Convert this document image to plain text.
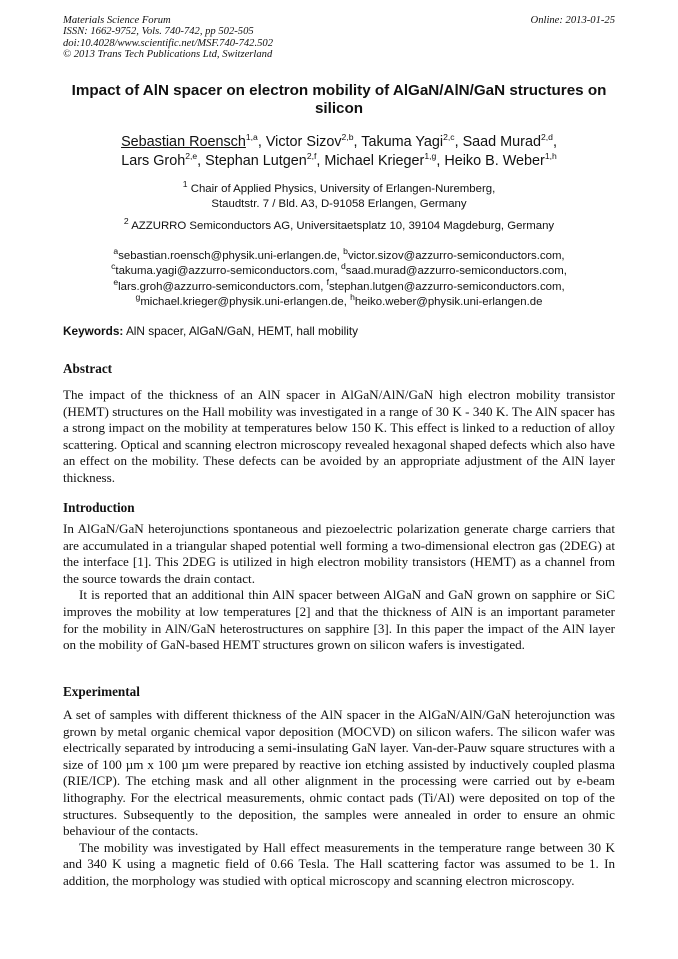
Materials Science Forum
ISSN: 1662-9752, Vols. 740-742, pp 502-505
doi:10.4028/www.scientific.net/MSF.740-742.502
© 2013 Trans Tech Publications Ltd, Switzerland
Online: 2013-01-25
Impact of AlN spacer on electron mobility of AlGaN/AlN/GaN structures on silicon
Sebastian Roensch$^{1,a}$, Victor Sizov$^{2,b}$, Takuma Yagi$^{2,c}$, Saad Murad$^{2,d}$,
Lars Groh$^{2,e}$, Stephan Lutgen$^{2,f}$, Michael Krieger$^{1,g}$, Heiko B. Weber$^{1,h}$
$^1$ Chair of Applied Physics, University of Erlangen-Nuremberg,
Staudtstr. 7 / Bld. A3, D-91058 Erlangen, Germany
$^2$ AZZURRO Semiconductors AG, Universitaetsplatz 10, 39104 Magdeburg, Germany
$^a$sebastian.roensch@physik.uni-erlangen.de, $^b$victor.sizov@azzurro-semiconductors.com,
$^c$takuma.yagi@azzurro-semiconductors.com, $^d$saad.murad@azzurro-semiconductors.com,
$^e$lars.groh@azzurro-semiconductors.com, $^f$stephan.lutgen@azzurro-semiconductors.com,
$^g$michael.krieger@physik.uni-erlangen.de, $^h$heiko.weber@physik.uni-erlangen.de
Keywords: AlN spacer, AlGaN/GaN, HEMT, hall mobility
Abstract

The impact of the thickness of an AlN spacer in AlGaN/AlN/GaN high electron mobility transistor (HEMT) structures on the Hall mobility was investigated in a range of 30 K - 340 K. The AlN spacer has a strong impact on the mobility at temperatures below 150 K. This effect is linked to a reduction of alloy scattering. Optical and scanning electron microscopy revealed hexagonal shaped defects which also have an effect on the mobility. These defects can be avoided by an appropriate adjustment of the AlN layer thickness.

Introduction

In AlGaN/GaN heterojunctions spontaneous and piezoelectric polarization generate charge carriers that are accumulated in a triangular shaped potential well forming a two-dimensional electron gas (2DEG) at the interface [1]. This 2DEG is utilized in high electron mobility transistors (HEMT) as a channel from the source towards the drain contact.

It is reported that an additional thin AlN spacer between AlGaN and GaN grown on sapphire or SiC improves the mobility at low temperatures [2] and that the thickness of AlN is an important parameter for the mobility in AlN/GaN heterostructures on sapphire [3]. In this paper the impact of the AlN layer on the mobility of GaN-based HEMT structures grown on silicon wafers is investigated.

Experimental

A set of samples with different thickness of the AlN spacer in the AlGaN/AlN/GaN heterojunction was grown by metal organic chemical vapor deposition (MOCVD) on silicon wafers. The silicon wafer was electrically separated by introducing a semi-insulating GaN layer. Van-der-Pauw square structures with a size of 100 µm x 100 µm were prepared by reactive ion etching assisted by inductively coupled plasma (RIE/ICP). The etching mask and all other alignment in the processing were carried out by e-beam lithography. For the electrical measurements, ohmic contact pads (Ti/Al) were deposited on top of the structures. Subsequently to the deposition, the samples were annealed in order to ensure an ohmic behaviour of the contacts.

The mobility was investigated by Hall effect measurements in the temperature range between 30 K and 340 K using a magnetic field of 0.66 Tesla. The Hall scattering factor was assumed to be 1. In addition, the morphology was studied with optical microscopy and scanning electron microscopy.
